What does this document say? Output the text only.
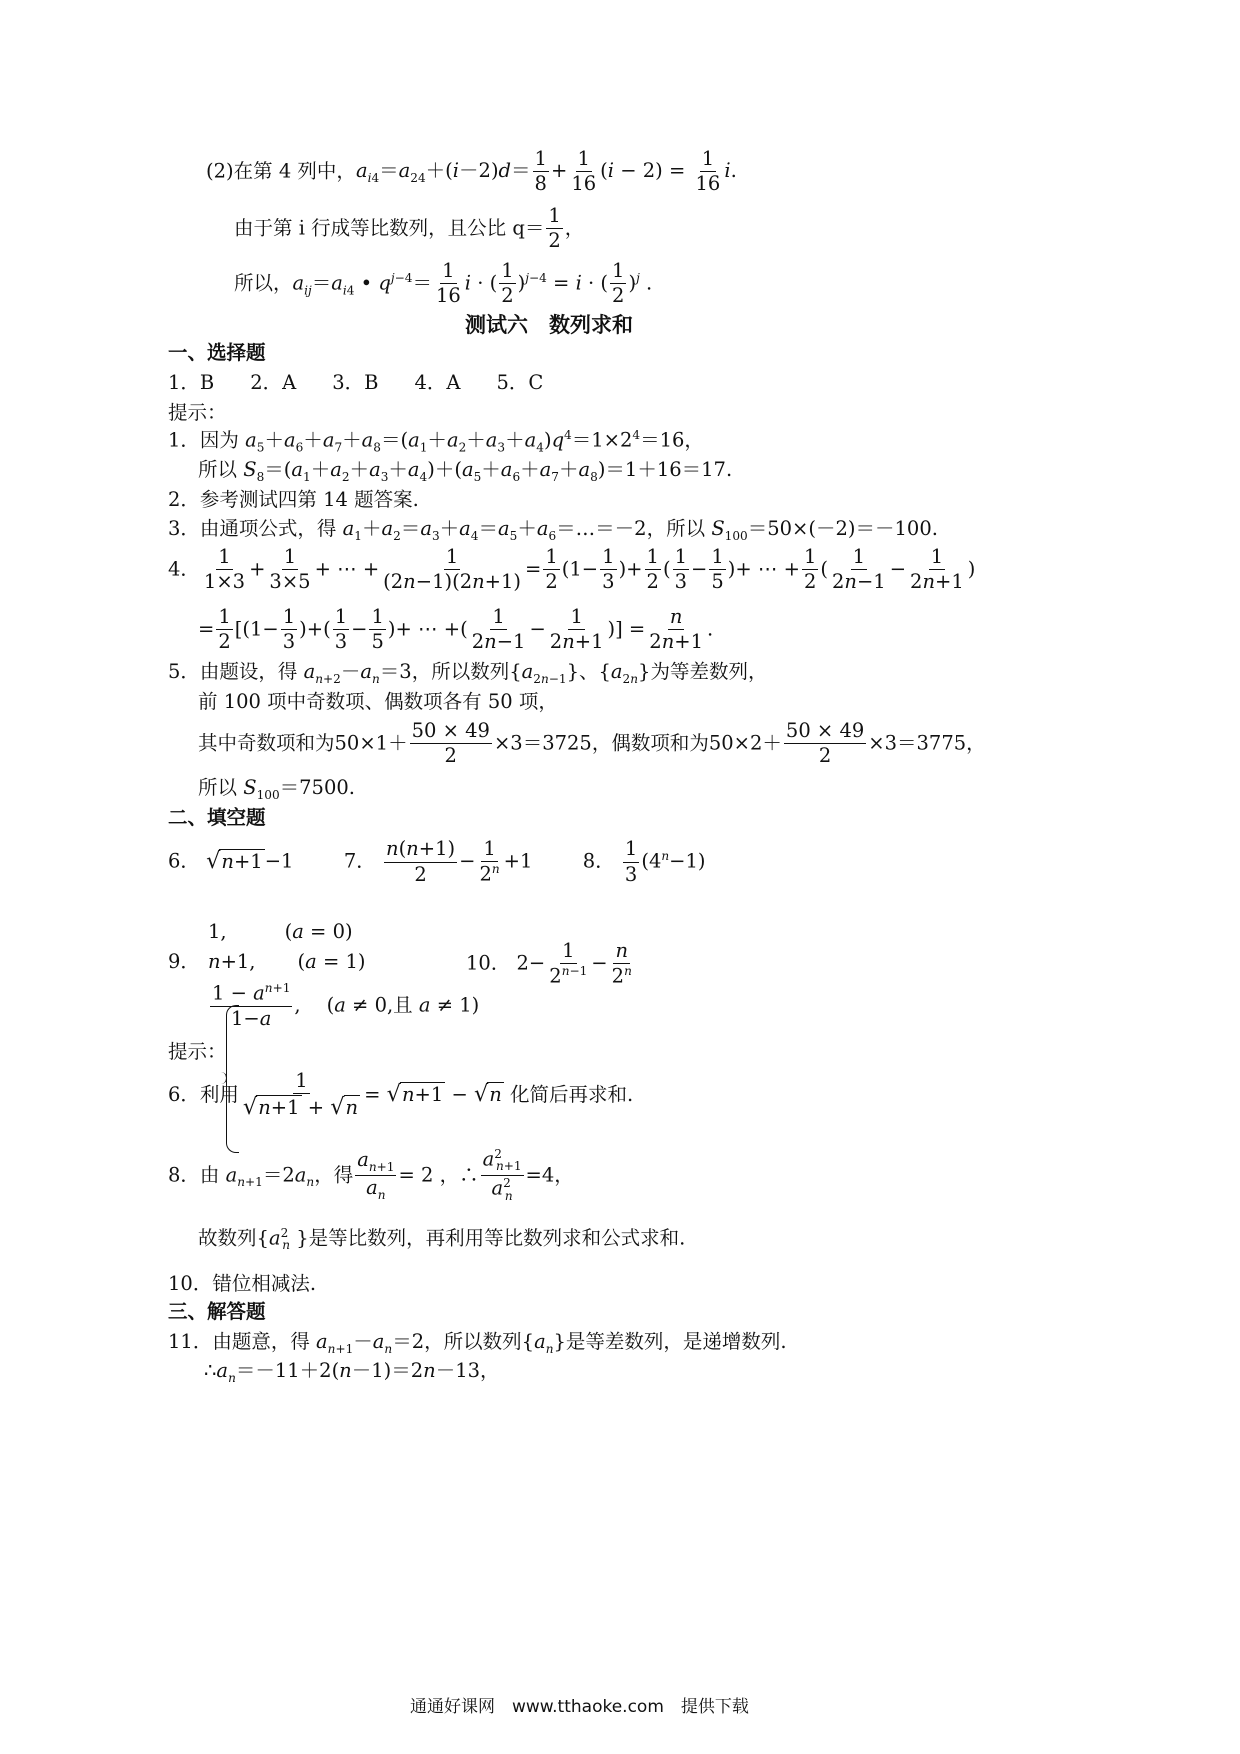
(2)在第 4 列中，$a_{i4}=a_{24}+(i-2)d= \frac{1}{8} + \frac{1}{16} (i - 2) = \frac{1}{16} i$.
由于第 i 行成等比数列，且公比 $q= \frac{1}{2}$ ，
所以，$a_{ij}=a_{i4}$ • $q^{j-4}= \frac{1}{16}$ i · ( $\frac{1}{2} )^{j-4} = i$ · ( $\frac{1}{2} )^j$ .
测试六　数列求和
一、选择题
1．B 2．A 3．B 4．A 5．C
提示：
1．因为 $a_5+a_6+a_7+a_8=(a_1+a_2+a_3+a_4)q^4=1\times 2^4=16$，
所以 $S_8=(a_1+a_2+a_3+a_4)+(a_5+a_6+a_7+a_8)=1+16=17$.
2．参考测试四第 14 题答案.
3．由通项公式，得 $a_1+a_2=a_3+a_4=a_5+a_6=\dots=-2$，所以 $S_{100}=50\times(-2)=-100$.
4． $\frac{1}{1\times 3} + \frac{1}{3\times 5}$ + ⋯ + $\frac{1}{(2n-1)(2n+1)} = \frac{1}{2} (1- \frac{1}{3}$ )+ $\frac{1}{2}$ ( $\frac{1}{3} - \frac{1}{5}$ )+ ⋯ + $\frac{1}{2}$ ( $\frac{1}{2n-1} - \frac{1}{2n+1}$ )
= $\frac{1}{2} [(1- \frac{1}{3}$ )+( $\frac{1}{3} - \frac{1}{5}$ )+ ⋯ +( $\frac{1}{2n-1} - \frac{1}{2n+1}$ )] = $\frac{n}{2n+1}$ .
5．由题设，得 $a_{n+2}-a_n=3$，所以数列$\{a_{2n-1}\}$、$\{a_{2n}\}$为等差数列，
前 100 项中奇数项、偶数项各有 50 项，
其中奇数项和为$50\times 1+ \frac{50 \times 49}{2} \times 3=3725$，偶数项和为$50\times 2+ \frac{50 \times 49}{2} \times 3=3775$，
所以 $S_{100}=7500$.
二、填空题
6． √n+1 −1  7． $\frac{n(n+1)}{2} - \frac{1}{2^n} +1$  8． $\frac{1}{3} (4^n-1)$
9．
1,	(a = 0)
n+1, (a = 1)
$\frac{1 - a^{n+1}}{1-a}$ , (a ≠ 0,且 a ≠ 1)
10． $2- \frac{1}{2^{n-1}} - \frac{n}{2^n}$
提示：
6．利用 $\frac{1}{√n+1 + √n} = √n+1 - √n$ 化简后再求和.
8．由 $a_{n+1}=2a_n$，得 $\frac{a_{n+1}}{a_n} = 2$ ，∴ $\frac{a^2_{n+1}}{a^2_n} =4$，
故数列{$a^2_n$ }是等比数列，再利用等比数列求和公式求和.
10．错位相减法.
三、解答题
11．由题意，得 $a_{n+1}-a_n=2$，所以数列$\{a_n\}$是等差数列，是递增数列.
$\therefore a_n=-11+2(n-1)=2n-13$，
通通好课网　www.tthaoke.com　提供下载
